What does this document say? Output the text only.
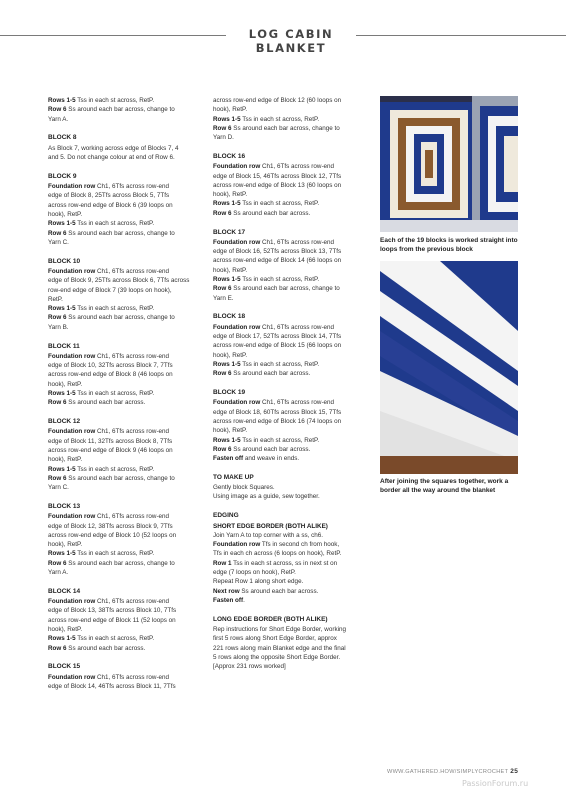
LOG CABIN BLANKET
Rows 1-5 Tss in each st across, RetP.
Row 6 Ss around each bar across, change to
Yarn A.
BLOCK 8
As Block 7, working across edge of Blocks 7, 4
and 5. Do not change colour at end of Row 6.
BLOCK 9
Foundation row Ch1, 6Tfs across row-end
edge of Block 8, 25Tfs across Block 5, 7Tfs
across row-end edge of Block 6 (39 loops on
hook), RetP.
Rows 1-5 Tss in each st across, RetP.
Row 6 Ss around each bar across, change to
Yarn C.
BLOCK 10
Foundation row Ch1, 6Tfs across row-end
edge of Block 9, 25Tfs across Block 6, 7Tfs across
row-end edge of Block 7 (39 loops on hook),
RetP.
Rows 1-5 Tss in each st across, RetP.
Row 6 Ss around each bar across, change to
Yarn B.
BLOCK 11
Foundation row Ch1, 6Tfs across row-end
edge of Block 10, 32Tfs across Block 7, 7Tfs
across row-end edge of Block 8 (46 loops on
hook), RetP.
Rows 1-5 Tss in each st across, RetP.
Row 6 Ss around each bar across.
BLOCK 12
Foundation row Ch1, 6Tfs across row-end
edge of Block 11, 32Tfs across Block 8, 7Tfs
across row-end edge of Block 9 (46 loops on
hook), RetP.
Rows 1-5 Tss in each st across, RetP.
Row 6 Ss around each bar across, change to
Yarn C.
BLOCK 13
Foundation row Ch1, 6Tfs across row-end
edge of Block 12, 38Tfs across Block 9, 7Tfs
across row-end edge of Block 10 (52 loops on
hook), RetP.
Rows 1-5 Tss in each st across, RetP.
Row 6 Ss around each bar across, change to
Yarn A.
BLOCK 14
Foundation row Ch1, 6Tfs across row-end
edge of Block 13, 38Tfs across Block 10, 7Tfs
across row-end edge of Block 11 (52 loops on
hook), RetP.
Rows 1-5 Tss in each st across, RetP.
Row 6 Ss around each bar across.
BLOCK 15
Foundation row Ch1, 6Tfs across row-end
edge of Block 14, 46Tfs across Block 11, 7Tfs
across row-end edge of Block 12 (60 loops on
hook), RetP.
Rows 1-5 Tss in each st across, RetP.
Row 6 Ss around each bar across, change to
Yarn D.
BLOCK 16
Foundation row Ch1, 6Tfs across row-end
edge of Block 15, 46Tfs across Block 12, 7Tfs
across row-end edge of Block 13 (60 loops on
hook), RetP.
Rows 1-5 Tss in each st across, RetP.
Row 6 Ss around each bar across.
BLOCK 17
Foundation row Ch1, 6Tfs across row-end
edge of Block 16, 52Tfs across Block 13, 7Tfs
across row-end edge of Block 14 (66 loops on
hook), RetP.
Rows 1-5 Tss in each st across, RetP.
Row 6 Ss around each bar across, change to
Yarn E.
BLOCK 18
Foundation row Ch1, 6Tfs across row-end
edge of Block 17, 52Tfs across Block 14, 7Tfs
across row-end edge of Block 15 (66 loops on
hook), RetP.
Rows 1-5 Tss in each st across, RetP.
Row 6 Ss around each bar across.
BLOCK 19
Foundation row Ch1, 6Tfs across row-end
edge of Block 18, 60Tfs across Block 15, 7Tfs
across row-end edge of Block 16 (74 loops on
hook), RetP.
Rows 1-5 Tss in each st across, RetP.
Row 6 Ss around each bar across.
Fasten off and weave in ends.
TO MAKE UP
Gently block Squares.
Using image as a guide, sew together.
EDGING
SHORT EDGE BORDER (BOTH ALIKE)
Join Yarn A to top corner with a ss, ch6.
Foundation row Tfs in second ch from hook,
Tfs in each ch across (6 loops on hook), RetP.
Row 1 Tss in each st across, ss in next st on
edge (7 loops on hook), RetP.
Repeat Row 1 along short edge.
Next row Ss around each bar across.
Fasten off.
LONG EDGE BORDER (BOTH ALIKE)
Rep instructions for Short Edge Border, working
first 5 rows along Short Edge Border, approx
221 rows along main Blanket edge and the final
5 rows along the opposite Short Edge Border.
[Approx 231 rows worked]
Each of the 19 blocks is worked straight into loops from the previous block
After joining the squares together, work a border all the way around the blanket
WWW.GATHERED.HOW/SIMPLYCROCHET 25
PassionForum.ru
